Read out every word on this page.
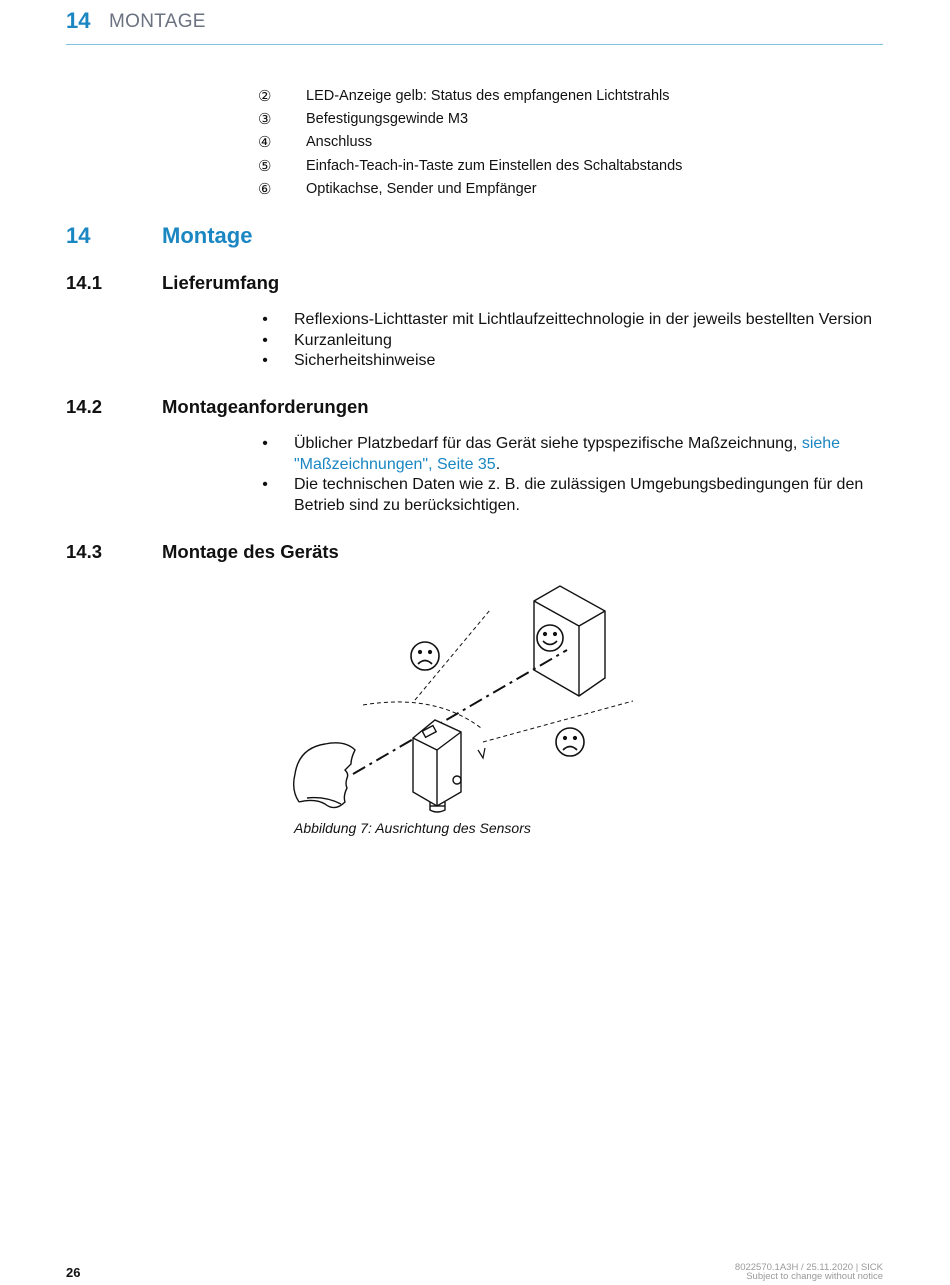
14 MONTAGE
②	LED-Anzeige gelb: Status des empfangenen Lichtstrahls
③	Befestigungsgewinde M3
④	Anschluss
⑤	Einfach-Teach-in-Taste zum Einstellen des Schaltabstands
⑥	Optikachse, Sender und Empfänger
14	Montage
14.1	Lieferumfang
• Reflexions-Lichttaster mit Lichtlaufzeittechnologie in der jeweils bestellten Version
• Kurzanleitung
• Sicherheitshinweise
14.2	Montageanforderungen
• Üblicher Platzbedarf für das Gerät siehe typspezifische Maßzeichnung, siehe "Maßzeichnungen", Seite 35.
• Die technischen Daten wie z. B. die zulässigen Umgebungsbedingungen für den Betrieb sind zu berücksichtigen.
14.3	Montage des Geräts
Abbildung 7: Ausrichtung des Sensors
26	8022570.1A3H / 25.11.2020 | SICK
Subject to change without notice
